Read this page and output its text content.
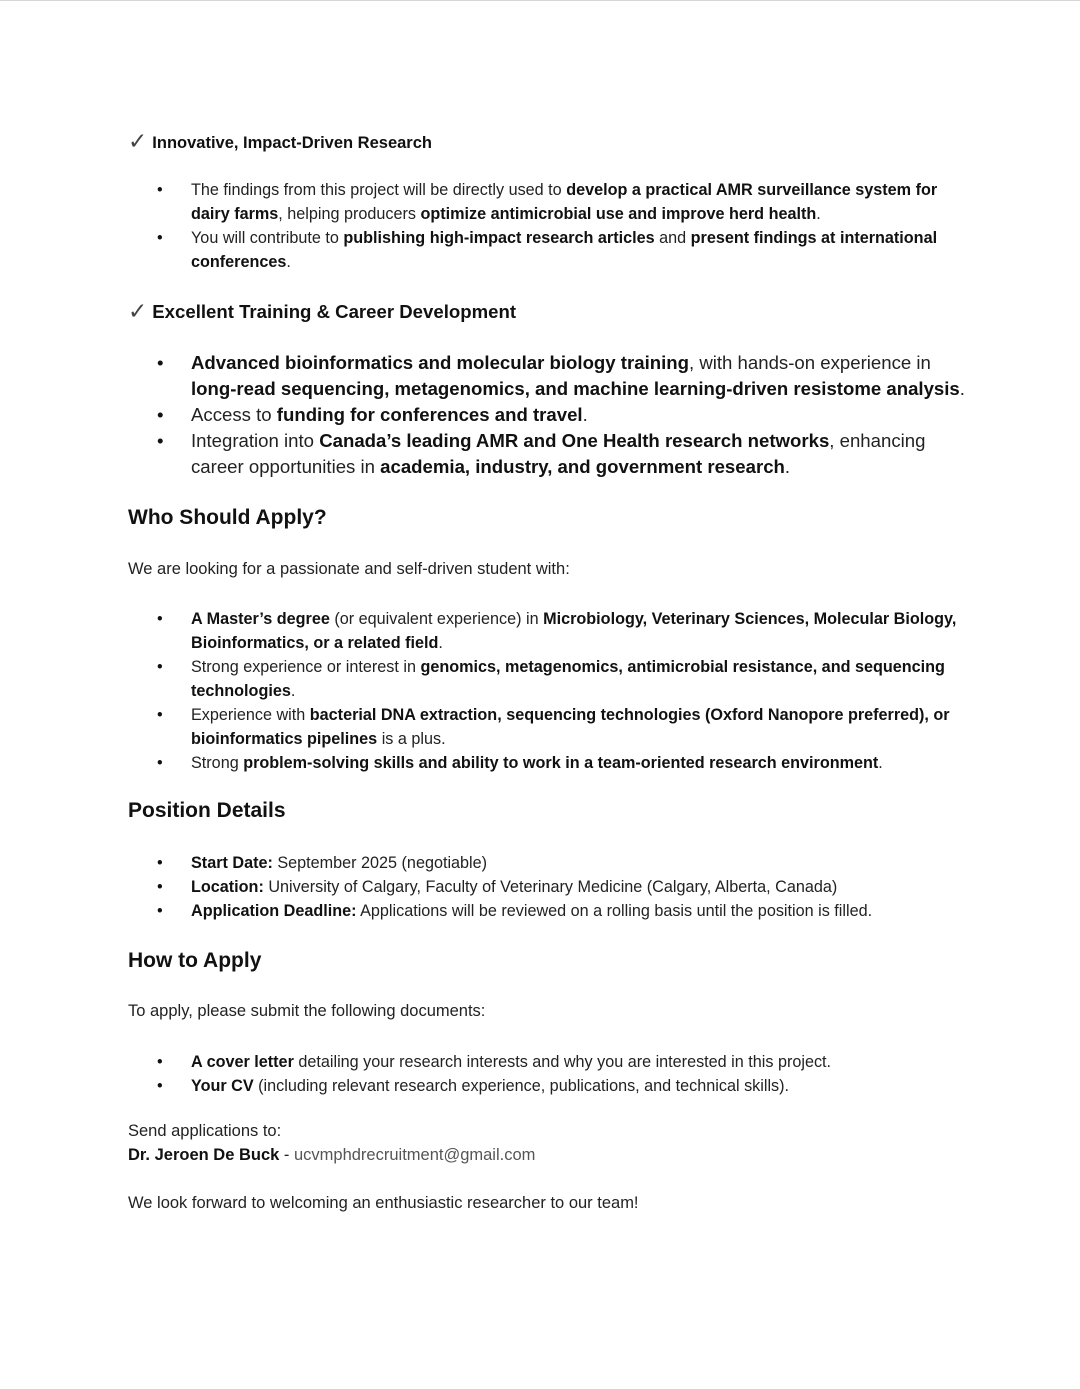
✓ Innovative, Impact-Driven Research
• The findings from this project will be directly used to develop a practical AMR surveillance system for dairy farms, helping producers optimize antimicrobial use and improve herd health.
• You will contribute to publishing high-impact research articles and present findings at international conferences.
✓ Excellent Training & Career Development
• Advanced bioinformatics and molecular biology training, with hands-on experience in long-read sequencing, metagenomics, and machine learning-driven resistome analysis.
• Access to funding for conferences and travel.
• Integration into Canada’s leading AMR and One Health research networks, enhancing career opportunities in academia, industry, and government research.
Who Should Apply?
We are looking for a passionate and self-driven student with:
• A Master’s degree (or equivalent experience) in Microbiology, Veterinary Sciences, Molecular Biology, Bioinformatics, or a related field.
• Strong experience or interest in genomics, metagenomics, antimicrobial resistance, and sequencing technologies.
• Experience with bacterial DNA extraction, sequencing technologies (Oxford Nanopore preferred), or bioinformatics pipelines is a plus.
• Strong problem-solving skills and ability to work in a team-oriented research environment.
Position Details
• Start Date: September 2025 (negotiable)
• Location: University of Calgary, Faculty of Veterinary Medicine (Calgary, Alberta, Canada)
• Application Deadline: Applications will be reviewed on a rolling basis until the position is filled.
How to Apply
To apply, please submit the following documents:
• A cover letter detailing your research interests and why you are interested in this project.
• Your CV (including relevant research experience, publications, and technical skills).
Send applications to:
Dr. Jeroen De Buck - ucvmphdrecruitment@gmail.com
We look forward to welcoming an enthusiastic researcher to our team!
